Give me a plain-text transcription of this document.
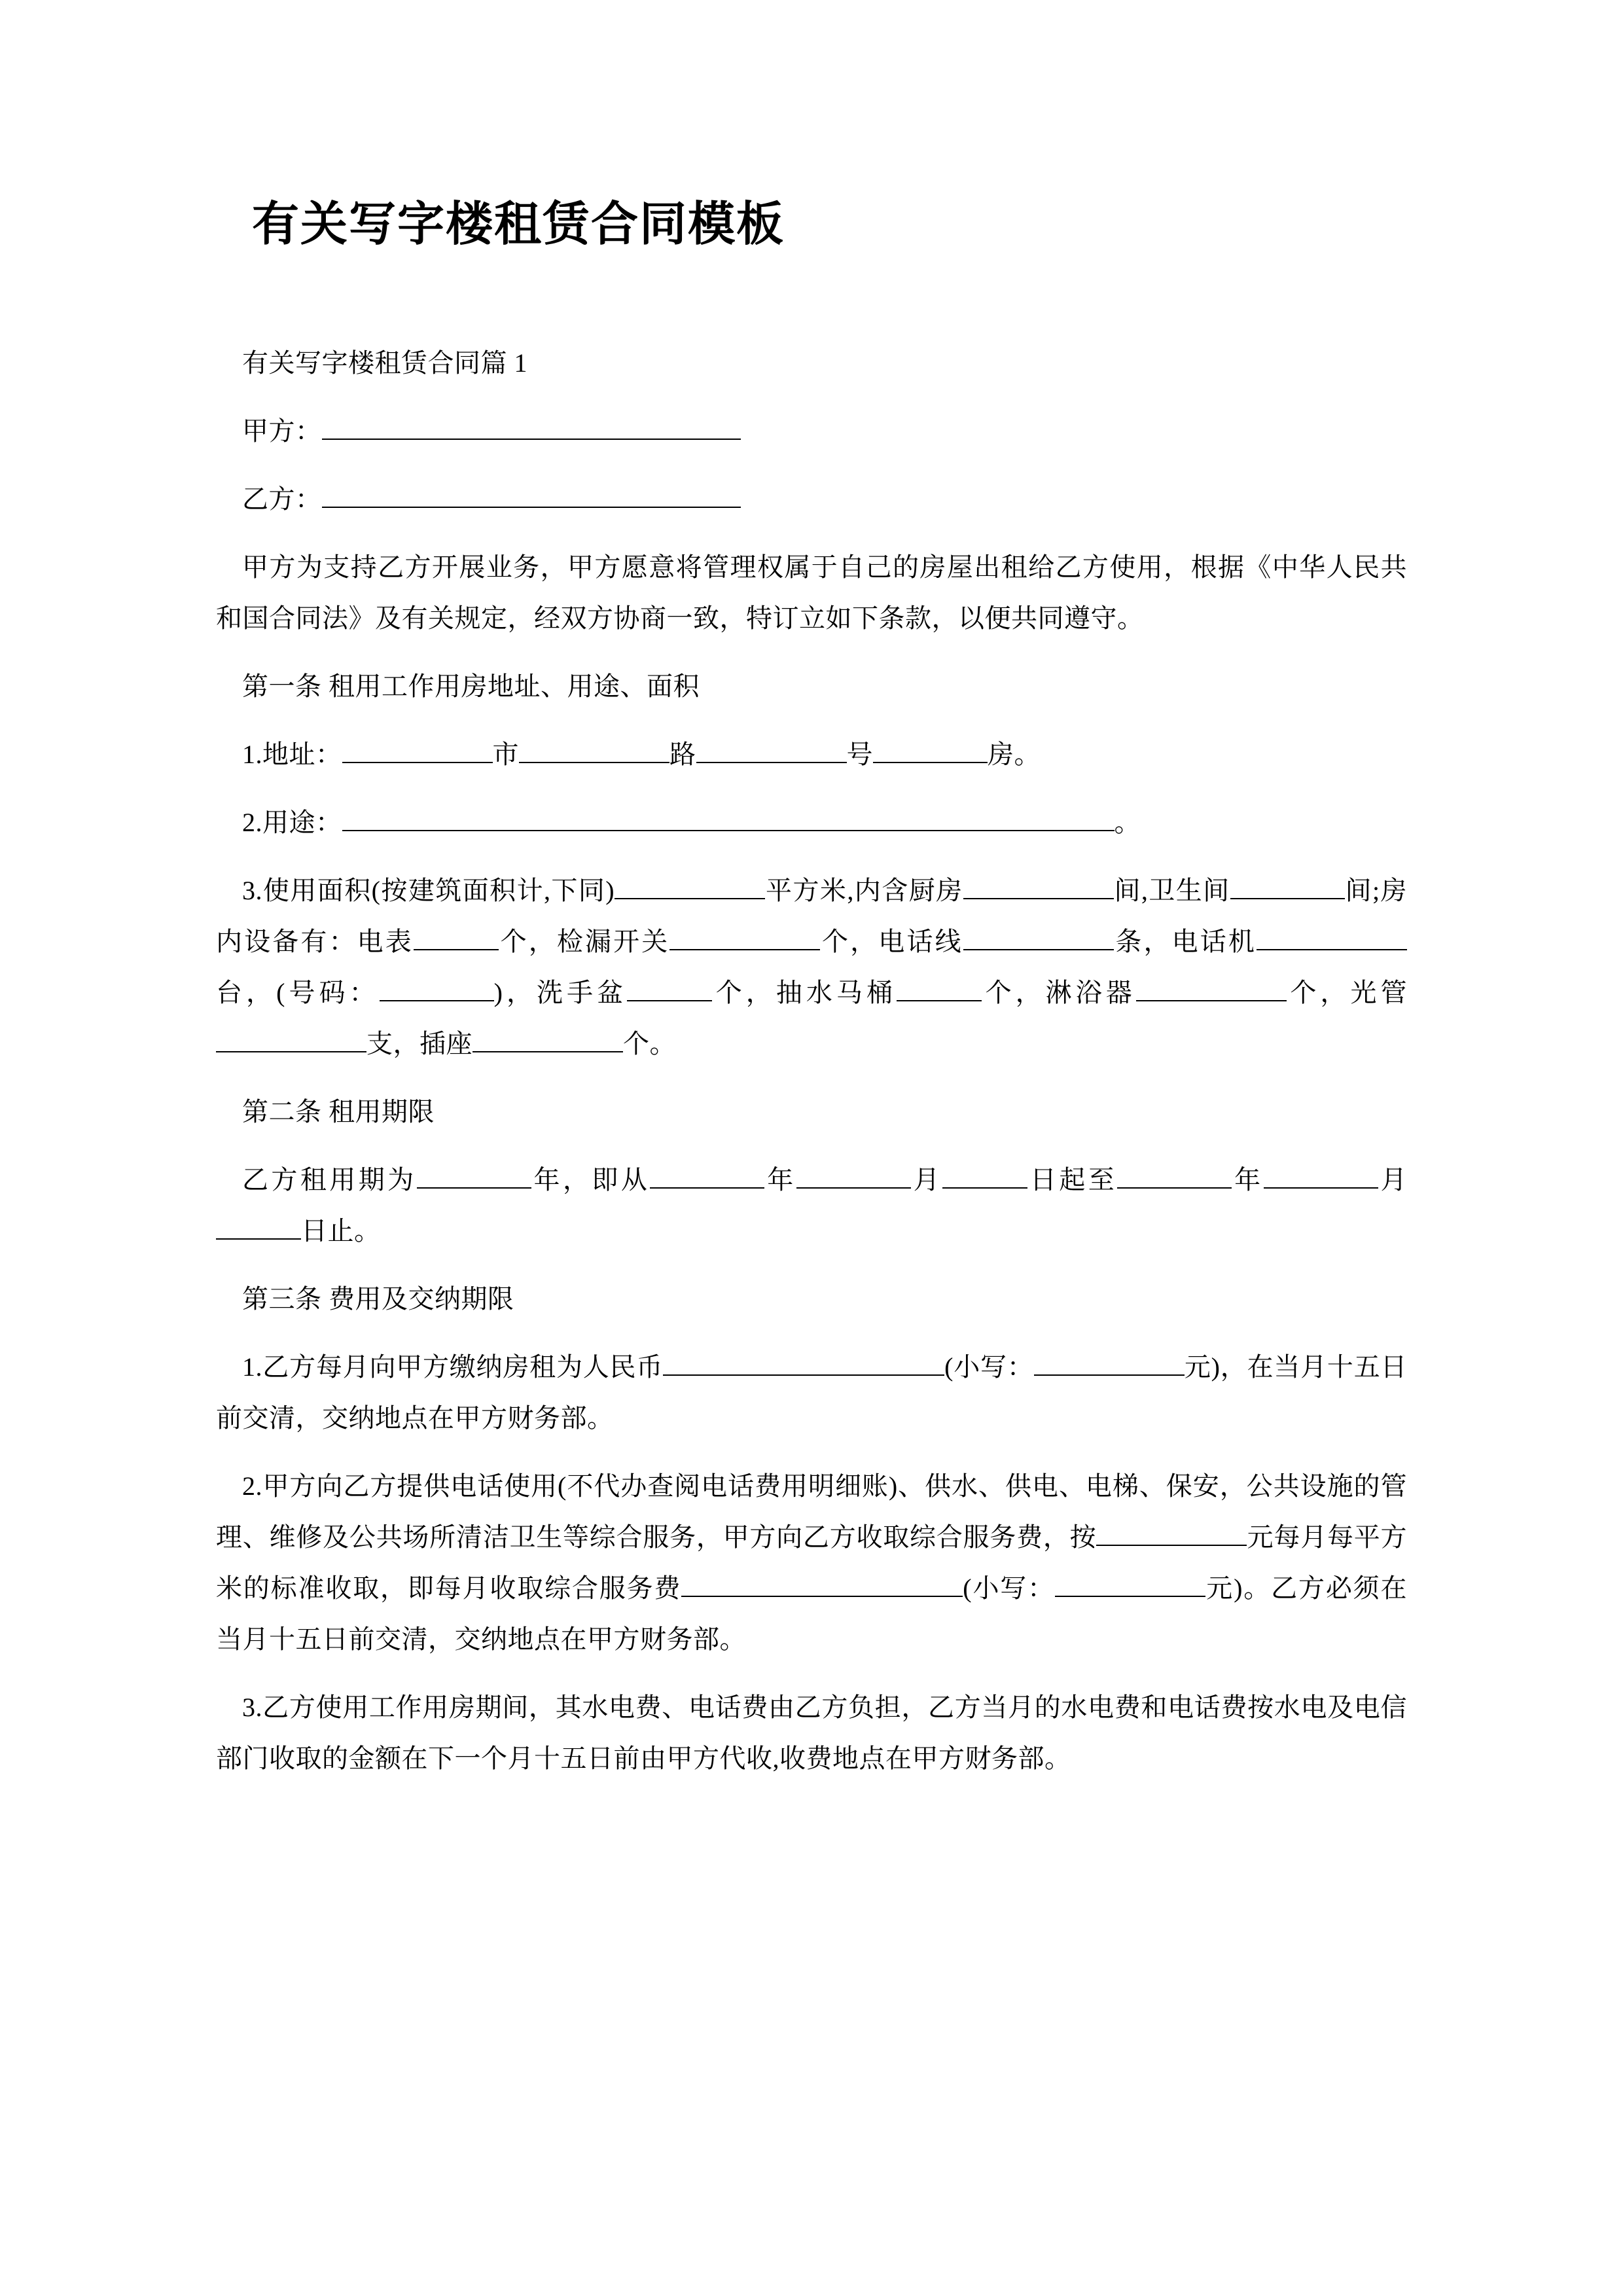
有关写字楼租赁合同模板

有关写字楼租赁合同篇 1

甲方：

乙方：

甲方为支持乙方开展业务，甲方愿意将管理权属于自己的房屋出租给乙方使用，根据《中华人民共和国合同法》及有关规定，经双方协商一致，特订立如下条款，以便共同遵守。

第一条 租用工作用房地址、用途、面积

1.地址：	市	路	号	房。

2.用途：	。

3.使用面积(按建筑面积计,下同)	平方米,内含厨房	间,卫生间	间;房内设备有：电表	个，检漏开关	个，电话线	条，电话机台，(号码：	)，洗手盆	个，抽水马桶	个，淋浴器	个，光管支，插座	个。

第二条 租用期限

乙方租用期为	年，即从	年	月	日起至	年	月日止。

第三条 费用及交纳期限

1.乙方每月向甲方缴纳房租为人民币	(小写：	元)，在当月十五日前交清，交纳地点在甲方财务部。

2.甲方向乙方提供电话使用(不代办查阅电话费用明细账)、供水、供电、电梯、保安，公共设施的管理、维修及公共场所清洁卫生等综合服务，甲方向乙方收取综合服务费，按	元每月每平方米的标准收取，即每月收取综合服务费	(小写：	元)。乙方必须在当月十五日前交清，交纳地点在甲方财务部。

3.乙方使用工作用房期间，其水电费、电话费由乙方负担，乙方当月的水电费和电话费按水电及电信部门收取的金额在下一个月十五日前由甲方代收,收费地点在甲方财务部。
